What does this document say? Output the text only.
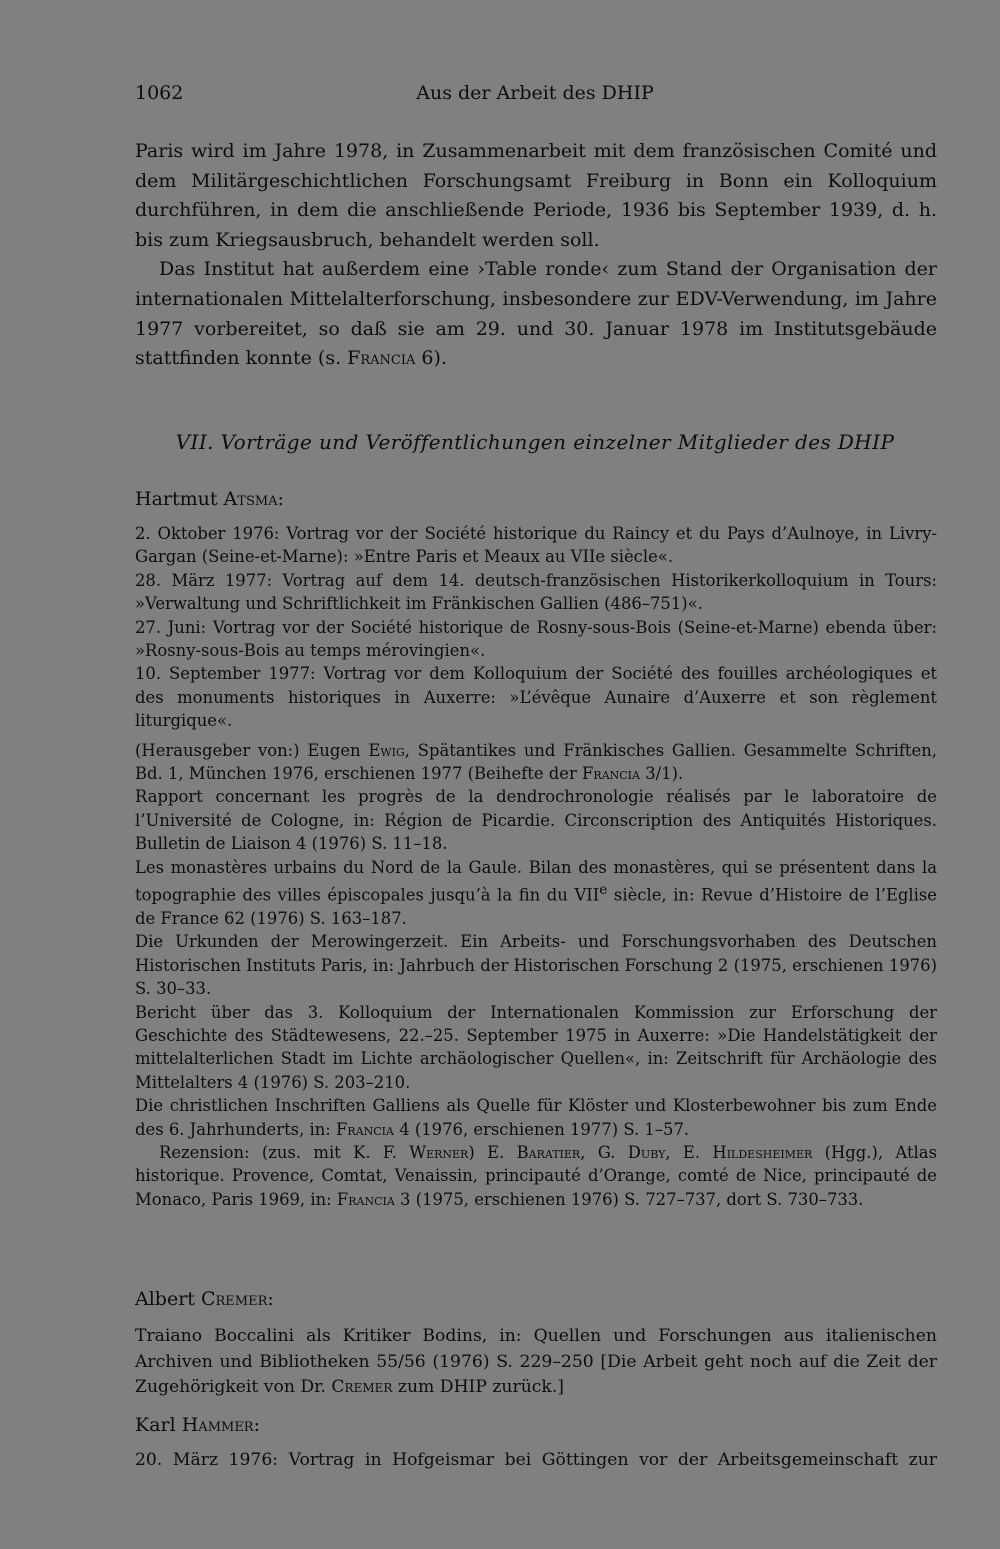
1062	Aus der Arbeit des DHIP

Paris wird im Jahre 1978, in Zusammenarbeit mit dem französischen Comité und dem Militärgeschichtlichen Forschungsamt Freiburg in Bonn ein Kolloquium durchführen, in dem die anschließende Periode, 1936 bis September 1939, d. h. bis zum Kriegsausbruch, behandelt werden soll.

Das Institut hat außerdem eine ›Table ronde‹ zum Stand der Organisation der internationalen Mittelalterforschung, insbesondere zur EDV-Verwendung, im Jahre 1977 vorbereitet, so daß sie am 29. und 30. Januar 1978 im Institutsgebäude stattfinden konnte (s. Francia 6).

VII. Vorträge und Veröffentlichungen einzelner Mitglieder des DHIP
Hartmut Atsma:

2. Oktober 1976: Vortrag vor der Société historique du Raincy et du Pays d’Aulnoye, in Livry-Gargan (Seine-et-Marne): »Entre Paris et Meaux au VIIe siècle«.

28. März 1977: Vortrag auf dem 14. deutsch-französischen Historikerkolloquium in Tours: »Verwaltung und Schriftlichkeit im Fränkischen Gallien (486–751)«.

27. Juni: Vortrag vor der Société historique de Rosny-sous-Bois (Seine-et-Marne) ebenda über: »Rosny-sous-Bois au temps mérovingien«.

10. September 1977: Vortrag vor dem Kolloquium der Société des fouilles archéologiques et des monuments historiques in Auxerre: »L’évêque Aunaire d’Auxerre et son règlement liturgique«.

(Herausgeber von:) Eugen Ewig, Spätantikes und Fränkisches Gallien. Gesammelte Schriften, Bd. 1, München 1976, erschienen 1977 (Beihefte der Francia 3/1).

Rapport concernant les progrès de la dendrochronologie réalisés par le laboratoire de l’Université de Cologne, in: Région de Picardie. Circonscription des Antiquités Historiques. Bulletin de Liaison 4 (1976) S. 11–18.

Les monastères urbains du Nord de la Gaule. Bilan des monastères, qui se présentent dans la topographie des villes épiscopales jusqu’à la fin du VIIe siècle, in: Revue d’Histoire de l’Eglise de France 62 (1976) S. 163–187.

Die Urkunden der Merowingerzeit. Ein Arbeits- und Forschungsvorhaben des Deutschen Historischen Instituts Paris, in: Jahrbuch der Historischen Forschung 2 (1975, erschienen 1976) S. 30–33.

Bericht über das 3. Kolloquium der Internationalen Kommission zur Erforschung der Geschichte des Städtewesens, 22.–25. September 1975 in Auxerre: »Die Handelstätigkeit der mittelalterlichen Stadt im Lichte archäologischer Quellen«, in: Zeitschrift für Archäologie des Mittelalters 4 (1976) S. 203–210.

Die christlichen Inschriften Galliens als Quelle für Klöster und Klosterbewohner bis zum Ende des 6. Jahrhunderts, in: Francia 4 (1976, erschienen 1977) S. 1–57.

Rezension: (zus. mit K. F. Werner) E. Baratier, G. Duby, E. Hildesheimer (Hgg.), Atlas historique. Provence, Comtat, Venaissin, principauté d’Orange, comté de Nice, principauté de Monaco, Paris 1969, in: Francia 3 (1975, erschienen 1976) S. 727–737, dort S. 730–733.

Albert Cremer:

Traiano Boccalini als Kritiker Bodins, in: Quellen und Forschungen aus italienischen Archiven und Bibliotheken 55/56 (1976) S. 229–250 [Die Arbeit geht noch auf die Zeit der Zugehörigkeit von Dr. Cremer zum DHIP zurück.]

Karl Hammer:

20. März 1976: Vortrag in Hofgeismar bei Göttingen vor der Arbeitsgemeinschaft zur
